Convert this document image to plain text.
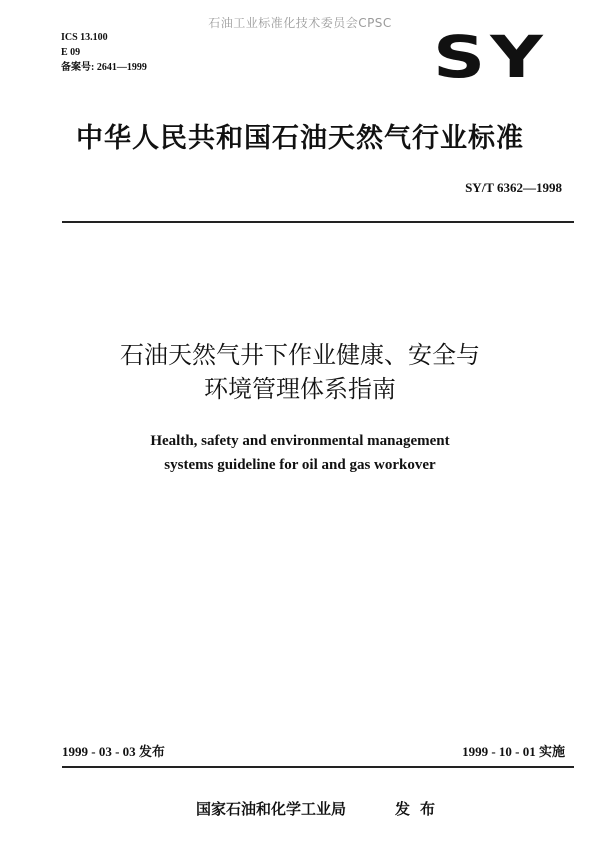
石油工业标准化技术委员会CPSC
ICS 13.100
E 09
备案号: 2641—1999	SY
中华人民共和国石油天然气行业标准
SY/T 6362—1998
石油天然气井下作业健康、安全与
环境管理体系指南
Health, safety and environmental management
systems guideline for oil and gas workover
1999 - 03 - 03 发布	1999 - 10 - 01 实施
国家石油和化学工业局	发布
